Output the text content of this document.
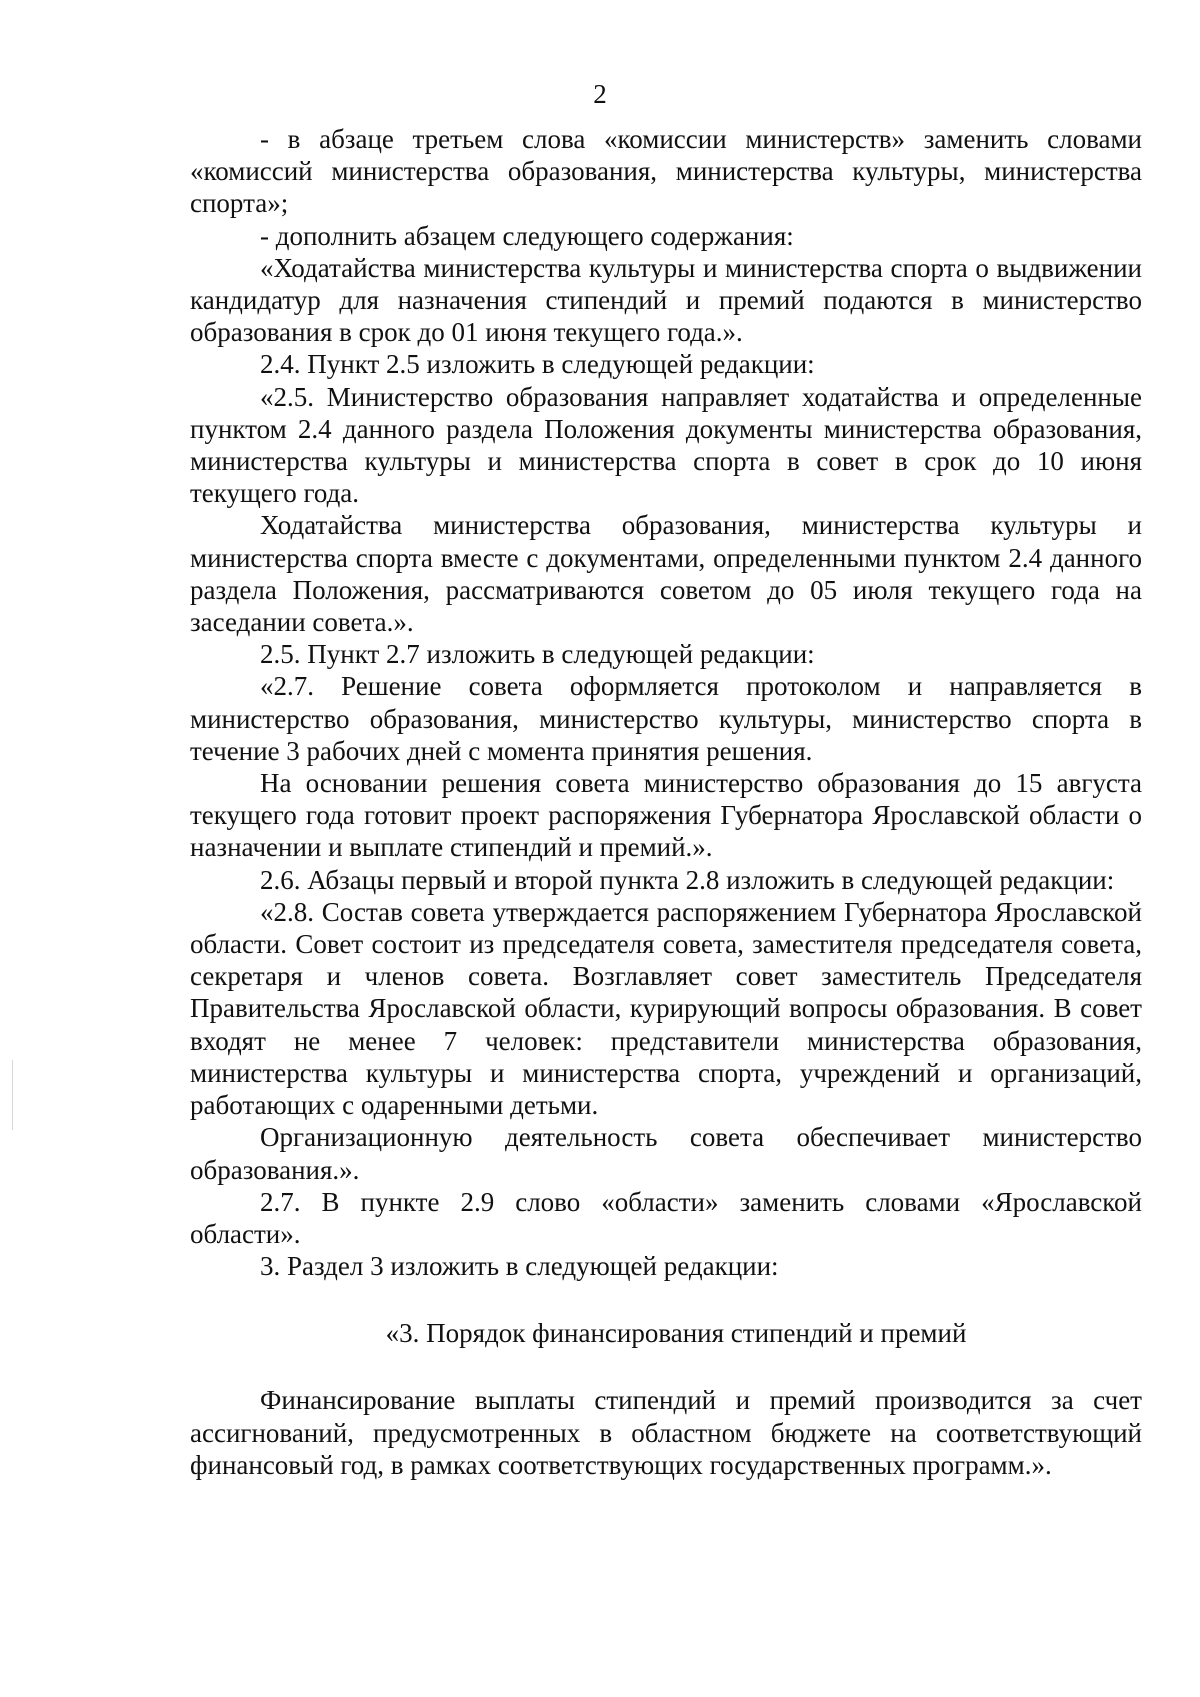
2

- в абзаце третьем слова «комиссии министерств» заменить словами «комиссий министерства образования, министерства культуры, министерства спорта»;

- дополнить абзацем следующего содержания:

«Ходатайства министерства культуры и министерства спорта о выдвижении кандидатур для назначения стипендий и премий подаются в министерство образования в срок до 01 июня текущего года.».

2.4. Пункт 2.5 изложить в следующей редакции:

«2.5. Министерство образования направляет ходатайства и определенные пунктом 2.4 данного раздела Положения документы министерства образования, министерства культуры и министерства спорта в совет в срок до 10 июня текущего года.

Ходатайства министерства образования, министерства культуры и министерства спорта вместе с документами, определенными пунктом 2.4 данного раздела Положения, рассматриваются советом до 05 июля текущего года на заседании совета.».

2.5. Пункт 2.7 изложить в следующей редакции:

«2.7. Решение совета оформляется протоколом и направляется в министерство образования, министерство культуры, министерство спорта в течение 3 рабочих дней с момента принятия решения.

На основании решения совета министерство образования до 15 августа текущего года готовит проект распоряжения Губернатора Ярославской области о назначении и выплате стипендий и премий.».

2.6. Абзацы первый и второй пункта 2.8 изложить в следующей редакции:

«2.8. Состав совета утверждается распоряжением Губернатора Ярославской области. Совет состоит из председателя совета, заместителя председателя совета, секретаря и членов совета. Возглавляет совет заместитель Председателя Правительства Ярославской области, курирующий вопросы образования. В совет входят не менее 7 человек: представители министерства образования, министерства культуры и министерства спорта, учреждений и организаций, работающих с одаренными детьми.

Организационную деятельность совета обеспечивает министерство образования.».

2.7. В пункте 2.9 слово «области» заменить словами «Ярославской области».

3. Раздел 3 изложить в следующей редакции:

«3. Порядок финансирования стипендий и премий

Финансирование выплаты стипендий и премий производится за счет ассигнований, предусмотренных в областном бюджете на соответствующий финансовый год, в рамках соответствующих государственных программ.».
